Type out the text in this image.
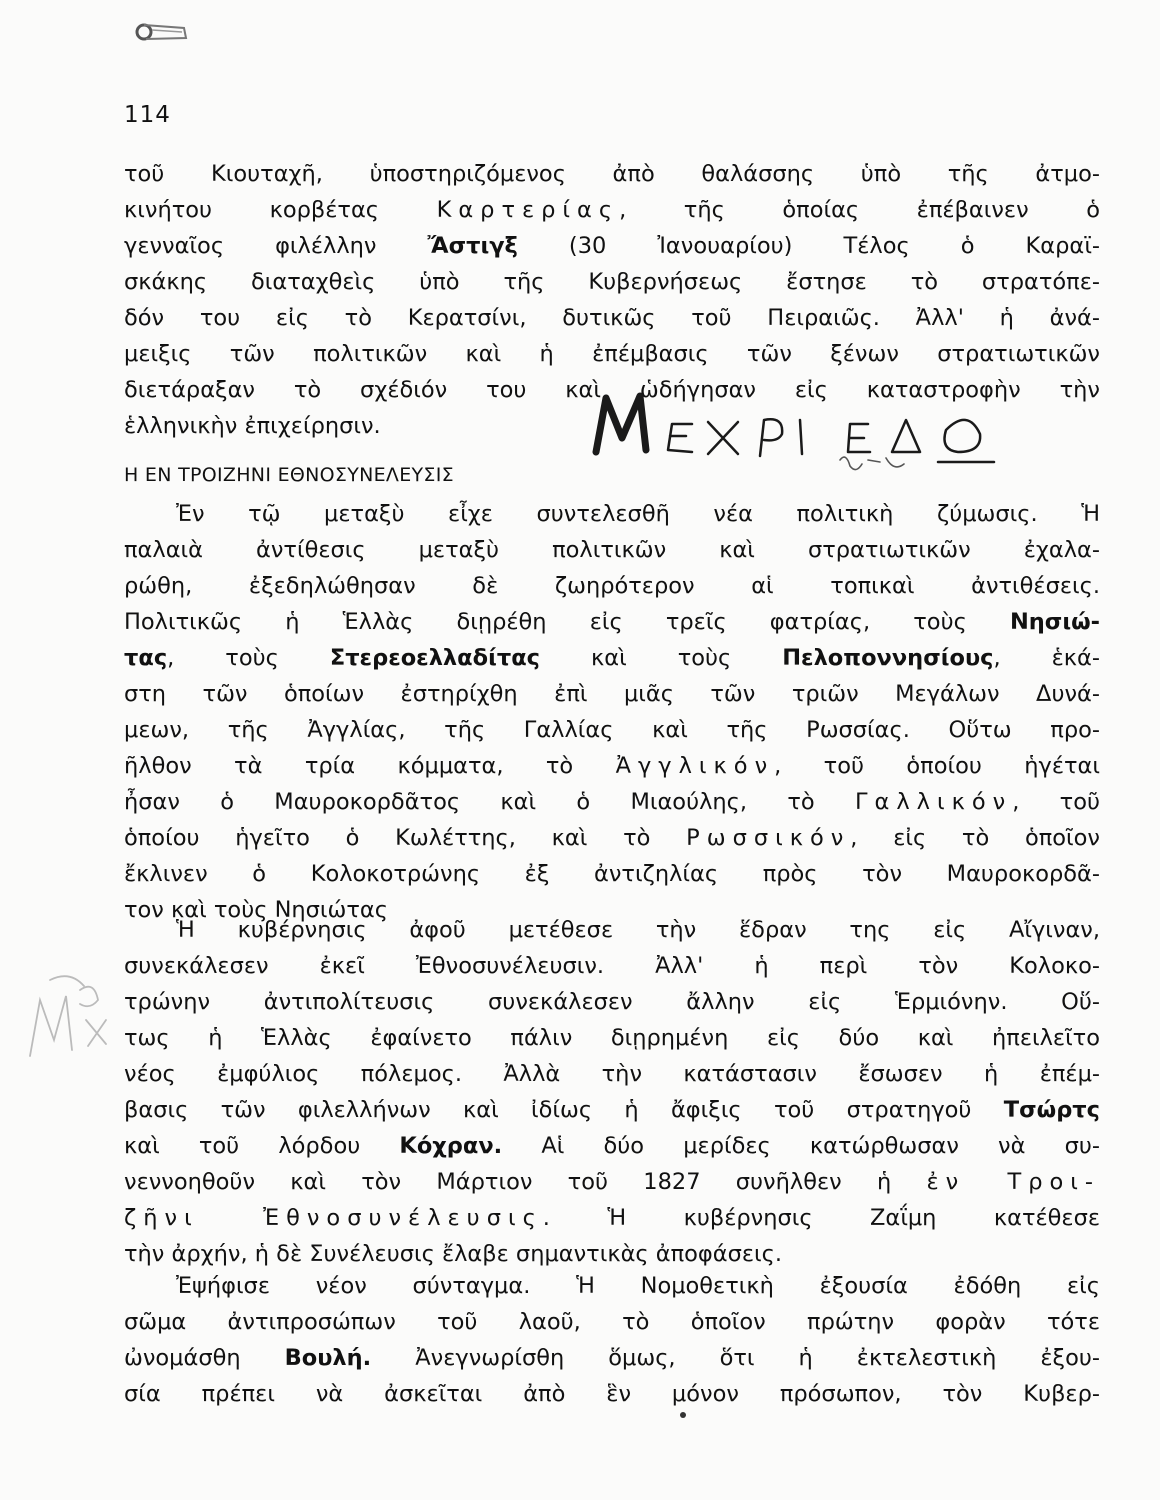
114
τοῦ Κιουταχῆ, ὑποστηριζόμενος ἀπὸ θαλάσσης ὑπὸ τῆς ἀτμο-
κινήτου κορβέτας Καρτερίας, τῆς ὁποίας ἐπέβαινεν ὁ
γενναῖος φιλέλλην Ἄστιγξ (30 Ἰανουαρίου) Τέλος ὁ Καραϊ-
σκάκης διαταχθεὶς ὑπὸ τῆς Κυβερνήσεως ἔστησε τὸ στρατόπε-
δόν του εἰς τὸ Κερατσίνι, δυτικῶς τοῦ Πειραιῶς. Ἀλλ' ἡ ἀνά-
μειξις τῶν πολιτικῶν καὶ ἡ ἐπέμβασις τῶν ξένων στρατιωτικῶν
διετάραξαν τὸ σχέδιόν του καὶ ὡδήγησαν εἰς καταστροφὴν τὴν
ἑλληνικὴν ἐπιχείρησιν.
Η ΕΝ ΤΡΟΙΖΗΝΙ ΕΘΝΟΣΥΝΕΛΕΥΣΙΣ
Ἐν τῷ μεταξὺ εἶχε συντελεσθῆ νέα πολιτικὴ ζύμωσις. Ἡ
παλαιὰ ἀντίθεσις μεταξὺ πολιτικῶν καὶ στρατιωτικῶν ἐχαλα-
ρώθη, ἐξεδηλώθησαν δὲ ζωηρότερον αἱ τοπικαὶ ἀντιθέσεις.
Πολιτικῶς ἡ Ἑλλὰς διῃρέθη εἰς τρεῖς φατρίας, τοὺς Νησιώ-
τας, τοὺς Στερεοελλαδίτας καὶ τοὺς Πελοποννησίους, ἑκά-
στη τῶν ὁποίων ἐστηρίχθη ἐπὶ μιᾶς τῶν τριῶν Μεγάλων Δυνά-
μεων, τῆς Ἀγγλίας, τῆς Γαλλίας καὶ τῆς Ρωσσίας. Οὕτω προ-
ῆλθον τὰ τρία κόμματα, τὸ Ἀγγλικόν, τοῦ ὁποίου ἡγέται
ἦσαν ὁ Μαυροκορδᾶτος καὶ ὁ Μιαούλης, τὸ Γαλλικόν, τοῦ
ὁποίου ἡγεῖτο ὁ Κωλέττης, καὶ τὸ Ρωσσικόν, εἰς τὸ ὁποῖον
ἔκλινεν ὁ Κολοκοτρώνης ἐξ ἀντιζηλίας πρὸς τὸν Μαυροκορδᾶ-
τον καὶ τοὺς Νησιώτας
Ἡ κυβέρνησις ἀφοῦ μετέθεσε τὴν ἕδραν της εἰς Αἴγιναν,
συνεκάλεσεν ἐκεῖ Ἐθνοσυνέλευσιν. Ἀλλ' ἡ περὶ τὸν Κολοκο-
τρώνην ἀντιπολίτευσις συνεκάλεσεν ἄλλην εἰς Ἑρμιόνην. Οὕ-
τως ἡ Ἑλλὰς ἐφαίνετο πάλιν διῃρημένη εἰς δύο καὶ ἠπειλεῖτο
νέος ἐμφύλιος πόλεμος. Ἀλλὰ τὴν κατάστασιν ἔσωσεν ἡ ἐπέμ-
βασις τῶν φιλελλήνων καὶ ἰδίως ἡ ἄφιξις τοῦ στρατηγοῦ Τσώρτς
καὶ τοῦ λόρδου Κόχραν. Αἱ δύο μερίδες κατώρθωσαν νὰ συ-
νεννοηθοῦν καὶ τὸν Μάρτιον τοῦ 1827 συνῆλθεν ἡ ἐν Τροι-
ζῆνι Ἐθνοσυνέλευσις. Ἡ κυβέρνησις Ζαΐμη κατέθεσε
τὴν ἀρχήν, ἡ δὲ Συνέλευσις ἔλαβε σημαντικὰς ἀποφάσεις.
Ἐψήφισε νέον σύνταγμα. Ἡ Νομοθετικὴ ἐξουσία ἐδόθη εἰς
σῶμα ἀντιπροσώπων τοῦ λαοῦ, τὸ ὁποῖον πρώτην φορὰν τότε
ὠνομάσθη Βουλή. Ἀνεγνωρίσθη ὅμως, ὅτι ἡ ἐκτελεστικὴ ἐξου-
σία πρέπει νὰ ἀσκεῖται ἀπὸ ἓν μόνον πρόσωπον, τὸν Κυβερ-
